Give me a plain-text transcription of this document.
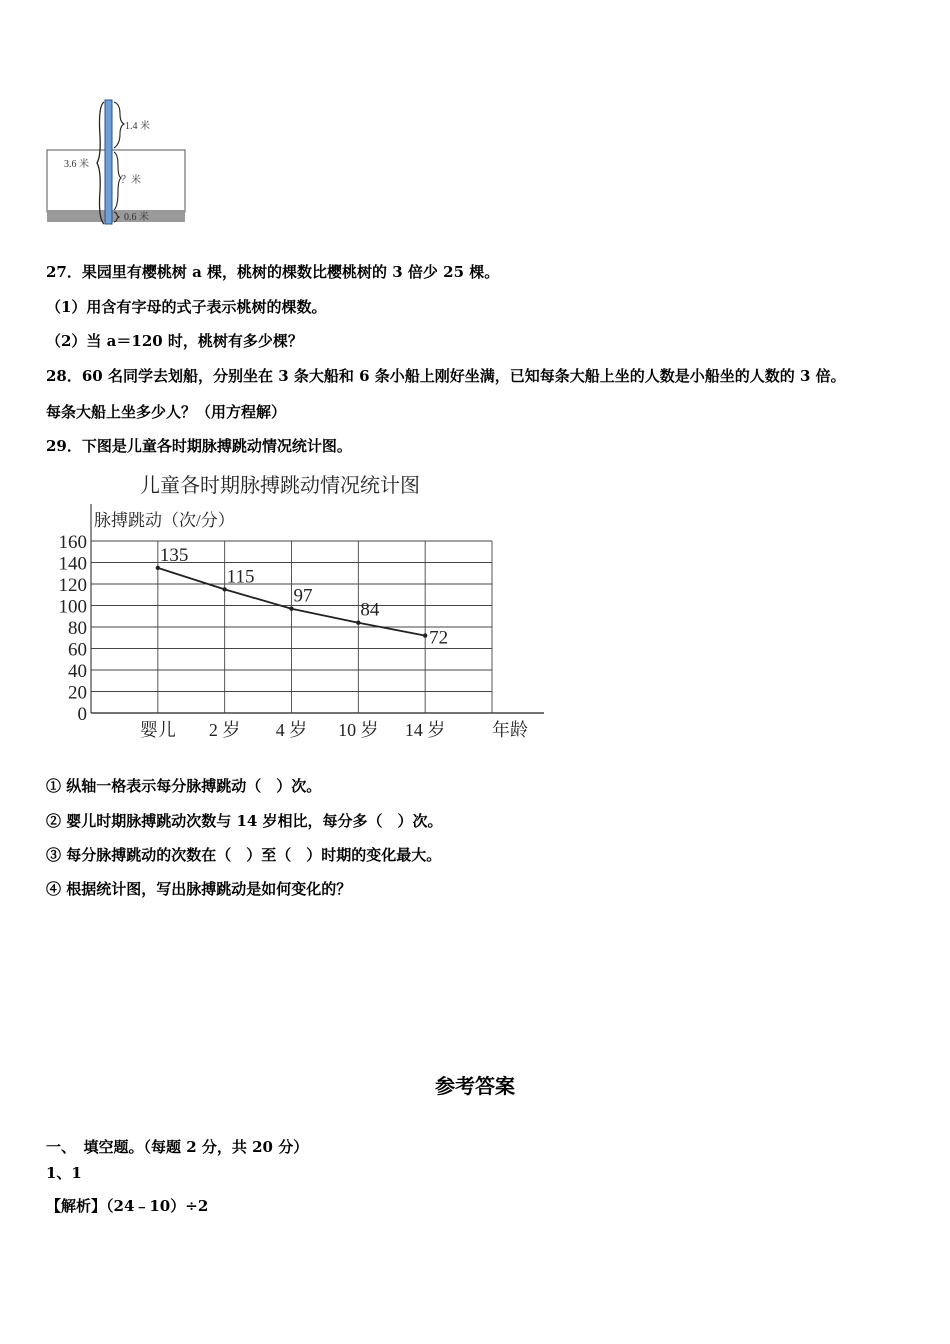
1.4 米
3.6 米
？米
0.6 米
27．果园里有樱桃树 a 棵，桃树的棵数比樱桃树的 3 倍少 25 棵。
（1）用含有字母的式子表示桃树的棵数。
（2）当 a＝120 时，桃树有多少棵？
28．60 名同学去划船，分别坐在 3 条大船和 6 条小船上刚好坐满，已知每条大船上坐的人数是小船坐的人数的 3 倍。
每条大船上坐多少人？（用方程解）
29．下图是儿童各时期脉搏跳动情况统计图。
儿童各时期脉搏跳动情况统计图
脉搏跳动（次/分）
年龄
0
20
40
60
80
100
120
140
160
婴儿 2 岁 4 岁 10 岁 14 岁
135
115
97
84
72
① 纵轴一格表示每分脉搏跳动（　）次。
② 婴儿时期脉搏跳动次数与 14 岁相比，每分多（　）次。
③ 每分脉搏跳动的次数在（　）至（　）时期的变化最大。
④ 根据统计图，写出脉搏跳动是如何变化的？
参考答案
一、　填空题。（每题 2 分，共 20 分）
1、1
【解析】（24﹣10）÷2
